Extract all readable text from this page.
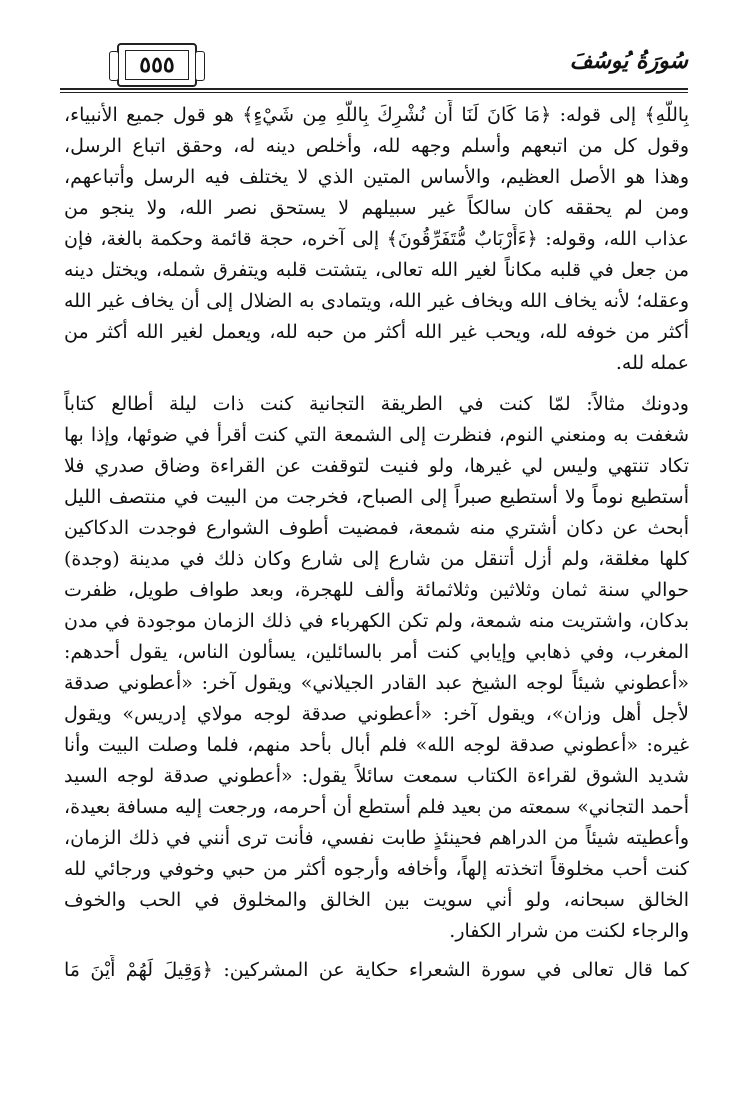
٥٥٥	سُورَةُ يُوسُفَ
بِاللَّهِ﴾ إلى قوله: ﴿مَا كَانَ لَنَا أَن نُشْرِكَ بِاللَّهِ مِن شَيْءٍ﴾ هو قول جميع الأنبياء،
وقول كل من اتبعهم وأسلم وجهه لله، وأخلص دينه له، وحقق اتباع الرسل،
وهذا هو الأصل العظيم، والأساس المتين الذي لا يختلف فيه الرسل وأتباعهم،
ومن لم يحققه كان سالكاً غير سبيلهم لا يستحق نصر الله، ولا ينجو من
عذاب الله، وقوله: ﴿ءَأَرْبَابٌ مُّتَفَرِّقُونَ﴾ إلى آخره، حجة قائمة وحكمة بالغة، فإن
من جعل في قلبه مكاناً لغير الله تعالى، يتشتت قلبه ويتفرق شمله، ويختل دينه
وعقله؛ لأنه يخاف الله ويخاف غير الله، ويتمادى به الضلال إلى أن يخاف غير الله
أكثر من خوفه لله، ويحب غير الله أكثر من حبه لله، ويعمل لغير الله أكثر من
عمله لله.
ودونك مثالاً: لمّا كنت في الطريقة التجانية كنت ذات ليلة أطالع كتاباً
شغفت به ومنعني النوم، فنظرت إلى الشمعة التي كنت أقرأ في ضوئها، وإذا بها
تكاد تنتهي وليس لي غيرها، ولو فنيت لتوقفت عن القراءة وضاق صدري فلا
أستطيع نوماً ولا أستطيع صبراً إلى الصباح، فخرجت من البيت في منتصف الليل
أبحث عن دكان أشتري منه شمعة، فمضيت أطوف الشوارع فوجدت الدكاكين
كلها مغلقة، ولم أزل أتنقل من شارع إلى شارع وكان ذلك في مدينة (وجدة)
حوالي سنة ثمان وثلاثين وثلاثمائة وألف للهجرة، وبعد طواف طويل، ظفرت
بدكان، واشتريت منه شمعة، ولم تكن الكهرباء في ذلك الزمان موجودة في مدن
المغرب، وفي ذهابي وإيابي كنت أمر بالسائلين، يسألون الناس، يقول أحدهم:
«أعطوني شيئاً لوجه الشيخ عبد القادر الجيلاني» ويقول آخر: «أعطوني صدقة
لأجل أهل وزان»، ويقول آخر: «أعطوني صدقة لوجه مولاي إدريس» ويقول
غيره: «أعطوني صدقة لوجه الله» فلم أبال بأحد منهم، فلما وصلت البيت وأنا
شديد الشوق لقراءة الكتاب سمعت سائلاً يقول: «أعطوني صدقة لوجه السيد
أحمد التجاني» سمعته من بعيد فلم أستطع أن أحرمه، ورجعت إليه مسافة بعيدة،
وأعطيته شيئاً من الدراهم فحينئذٍ طابت نفسي، فأنت ترى أنني في ذلك الزمان،
كنت أحب مخلوقاً اتخذته إلهاً، وأخافه وأرجوه أكثر من حبي وخوفي ورجائي لله
الخالق سبحانه، ولو أني سويت بين الخالق والمخلوق في الحب والخوف
والرجاء لكنت من شرار الكفار.
كما قال تعالى في سورة الشعراء حكاية عن المشركين: ﴿وَقِيلَ لَهُمْ أَيْنَ مَا
